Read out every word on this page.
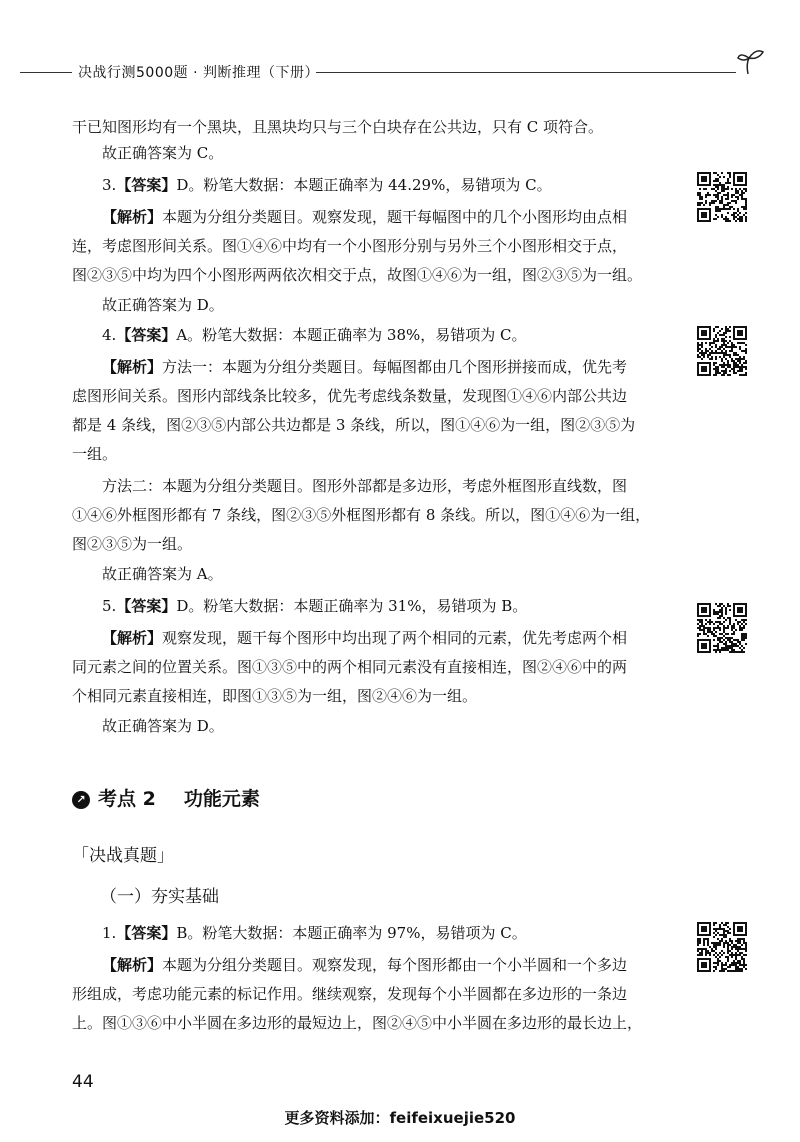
决战行测5000题 · 判断推理（下册）
干已知图形均有一个黑块，且黑块均只与三个白块存在公共边，只有 C 项符合。
故正确答案为 C。
3.【答案】D。粉笔大数据：本题正确率为 44.29%，易错项为 C。
【解析】本题为分组分类题目。观察发现，题干每幅图中的几个小图形均由点相
连，考虑图形间关系。图①④⑥中均有一个小图形分别与另外三个小图形相交于点，
图②③⑤中均为四个小图形两两依次相交于点，故图①④⑥为一组，图②③⑤为一组。
故正确答案为 D。
4.【答案】A。粉笔大数据：本题正确率为 38%，易错项为 C。
【解析】方法一：本题为分组分类题目。每幅图都由几个图形拼接而成，优先考
虑图形间关系。图形内部线条比较多，优先考虑线条数量，发现图①④⑥内部公共边
都是 4 条线，图②③⑤内部公共边都是 3 条线，所以，图①④⑥为一组，图②③⑤为
一组。
方法二：本题为分组分类题目。图形外部都是多边形，考虑外框图形直线数，图
①④⑥外框图形都有 7 条线，图②③⑤外框图形都有 8 条线。所以，图①④⑥为一组，
图②③⑤为一组。
故正确答案为 A。
5.【答案】D。粉笔大数据：本题正确率为 31%，易错项为 B。
【解析】观察发现，题干每个图形中均出现了两个相同的元素，优先考虑两个相
同元素之间的位置关系。图①③⑤中的两个相同元素没有直接相连，图②④⑥中的两
个相同元素直接相连，即图①③⑤为一组，图②④⑥为一组。
故正确答案为 D。
1.【答案】B。粉笔大数据：本题正确率为 97%，易错项为 C。
【解析】本题为分组分类题目。观察发现，每个图形都由一个小半圆和一个多边
形组成，考虑功能元素的标记作用。继续观察，发现每个小半圆都在多边形的一条边
上。图①③⑥中小半圆在多边形的最短边上，图②④⑤中小半圆在多边形的最长边上，
↗ 考点 2 功能元素
「决战真题」
（一）夯实基础
44
更多资料添加：feifeixuejie520
